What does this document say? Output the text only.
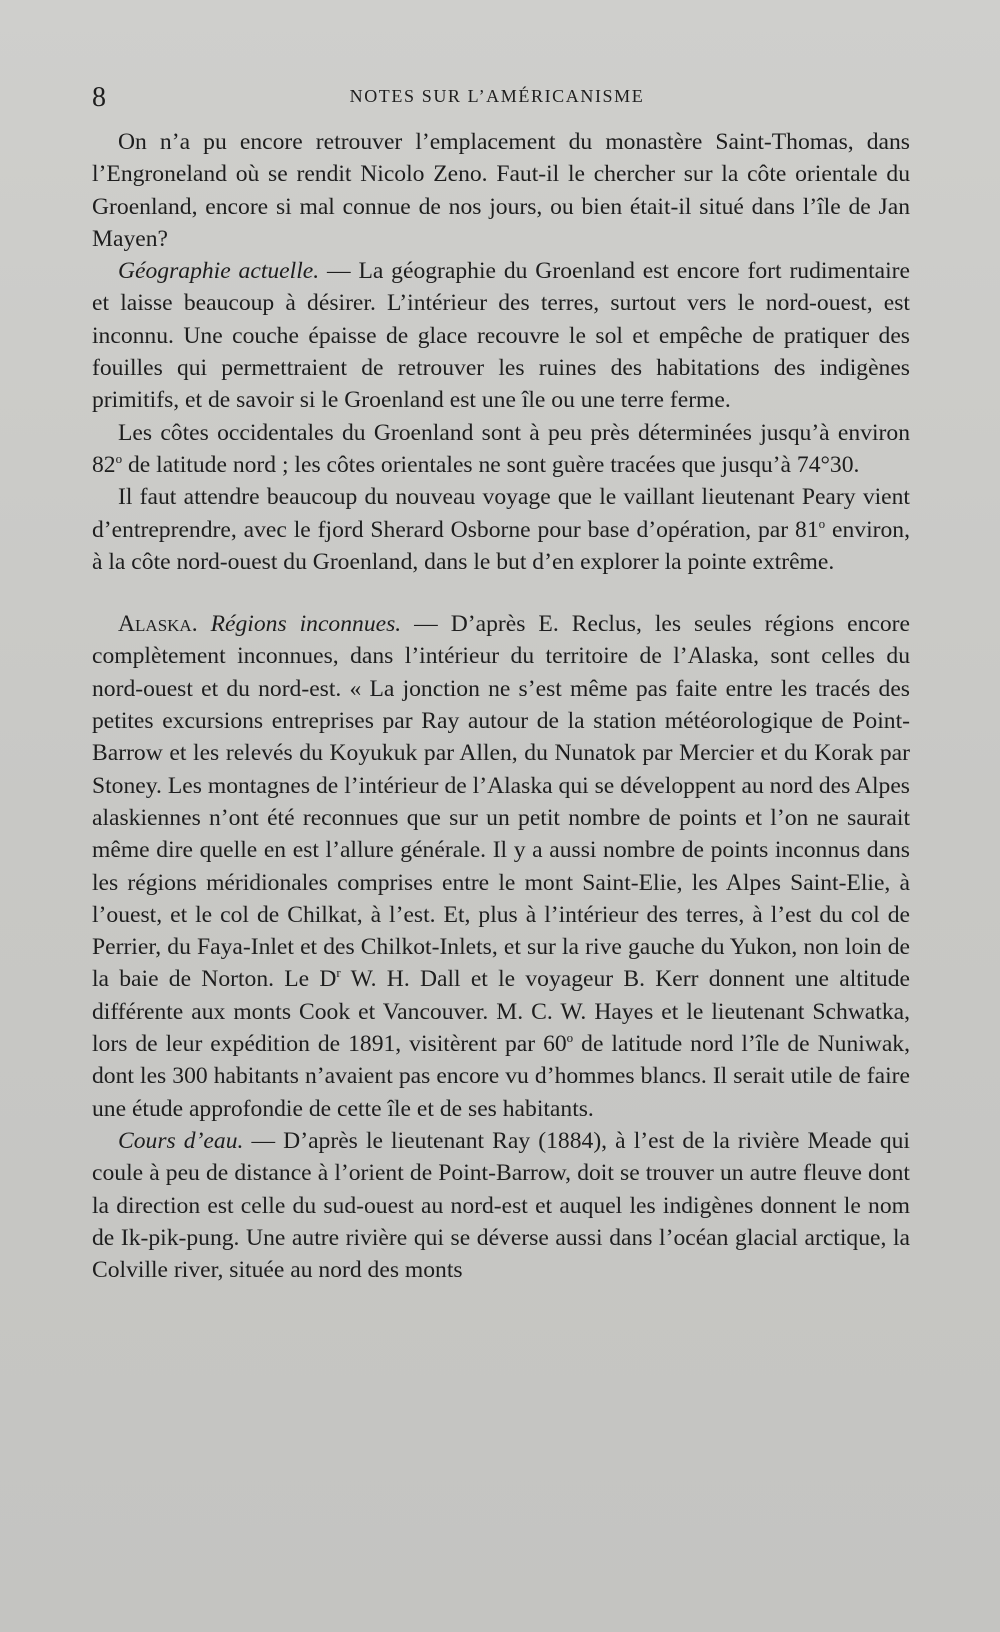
8	NOTES SUR L’AMÉRICANISME

On n’a pu encore retrouver l’emplacement du monastère Saint-Thomas, dans l’Engroneland où se rendit Nicolo Zeno. Faut-il le chercher sur la côte orientale du Groenland, encore si mal connue de nos jours, ou bien était-il situé dans l’île de Jan Mayen?

Géographie actuelle. — La géographie du Groenland est encore fort rudimentaire et laisse beaucoup à désirer. L’intérieur des terres, surtout vers le nord-ouest, est inconnu. Une couche épaisse de glace recouvre le sol et empêche de pratiquer des fouilles qui permettraient de retrouver les ruines des habitations des indigènes primitifs, et de savoir si le Groenland est une île ou une terre ferme.

Les côtes occidentales du Groenland sont à peu près déterminées jusqu’à environ 82$^o$ de latitude nord ; les côtes orientales ne sont guère tracées que jusqu’à 74°30.

Il faut attendre beaucoup du nouveau voyage que le vaillant lieutenant Peary vient d’entreprendre, avec le fjord Sherard Osborne pour base d’opération, par 81$^o$ environ, à la côte nord-ouest du Groenland, dans le but d’en explorer la pointe extrême.

Alaska. Régions inconnues. — D’après E. Reclus, les seules régions encore complètement inconnues, dans l’intérieur du territoire de l’Alaska, sont celles du nord-ouest et du nord-est. « La jonction ne s’est même pas faite entre les tracés des petites excursions entreprises par Ray autour de la station météorologique de Point-Barrow et les relevés du Koyukuk par Allen, du Nunatok par Mercier et du Korak par Stoney. Les montagnes de l’intérieur de l’Alaska qui se développent au nord des Alpes alaskiennes n’ont été reconnues que sur un petit nombre de points et l’on ne saurait même dire quelle en est l’allure générale. Il y a aussi nombre de points inconnus dans les régions méridionales comprises entre le mont Saint-Elie, les Alpes Saint-Elie, à l’ouest, et le col de Chilkat, à l’est. Et, plus à l’intérieur des terres, à l’est du col de Perrier, du Faya-Inlet et des Chilkot-Inlets, et sur la rive gauche du Yukon, non loin de la baie de Norton. Le $D^r$ W. H. Dall et le voyageur B. Kerr donnent une altitude différente aux monts Cook et Vancouver. M. C. W. Hayes et le lieutenant Schwatka, lors de leur expédition de 1891, visitèrent par 60$^o$ de latitude nord l’île de Nuniwak, dont les 300 habitants n’avaient pas encore vu d’hommes blancs. Il serait utile de faire une étude approfondie de cette île et de ses habitants.

Cours d’eau. — D’après le lieutenant Ray (1884), à l’est de la rivière Meade qui coule à peu de distance à l’orient de Point-Barrow, doit se trouver un autre fleuve dont la direction est celle du sud-ouest au nord-est et auquel les indigènes donnent le nom de Ik-pik-pung. Une autre rivière qui se déverse aussi dans l’océan glacial arctique, la Colville river, située au nord des monts
